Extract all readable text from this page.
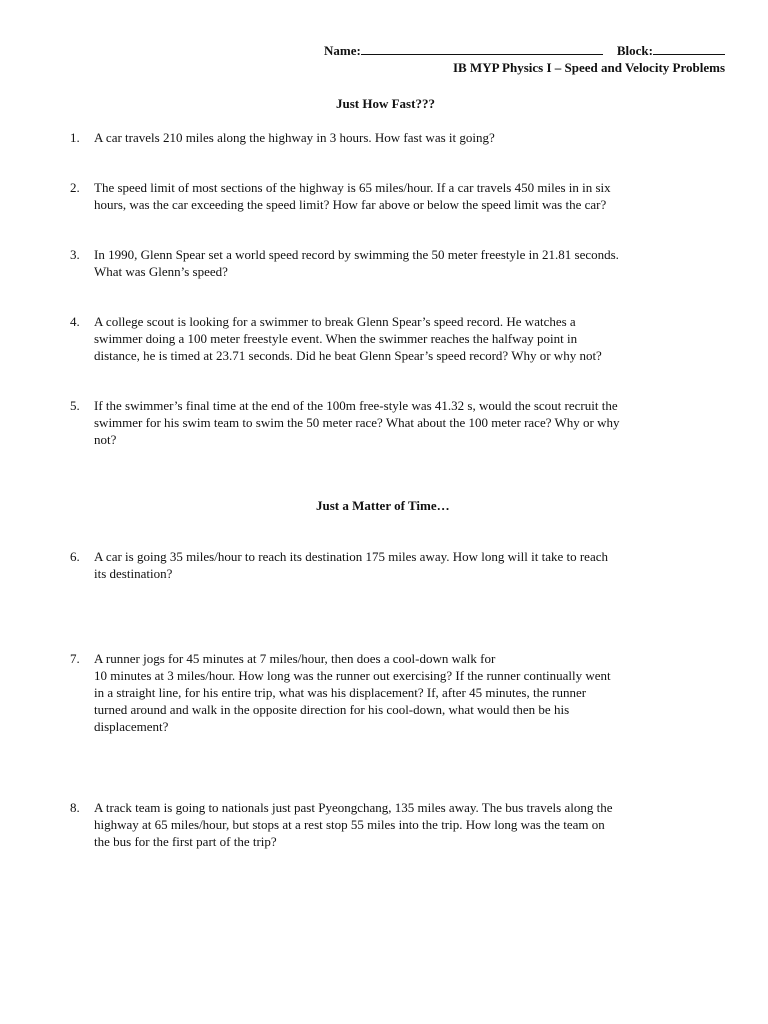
Name:	Block:
IB MYP Physics I – Speed and Velocity Problems
Just How Fast???
1.	A car travels 210 miles along the highway in 3 hours. How fast was it going?
2.	The speed limit of most sections of the highway is 65 miles/hour. If a car travels 450 miles in in six
hours, was the car exceeding the speed limit? How far above or below the speed limit was the car?
3.	In 1990, Glenn Spear set a world speed record by swimming the 50 meter freestyle in 21.81 seconds.
What was Glenn’s speed?
4.	A college scout is looking for a swimmer to break Glenn Spear’s speed record. He watches a
swimmer doing a 100 meter freestyle event. When the swimmer reaches the halfway point in
distance, he is timed at 23.71 seconds. Did he beat Glenn Spear’s speed record? Why or why not?
5.	If the swimmer’s final time at the end of the 100m free-style was 41.32 s, would the scout recruit the
swimmer for his swim team to swim the 50 meter race? What about the 100 meter race? Why or why
not?
Just a Matter of Time…
6.	A car is going 35 miles/hour to reach its destination 175 miles away. How long will it take to reach
its destination?
7.	A runner jogs for 45 minutes at 7 miles/hour, then does a cool-down walk for
10 minutes at 3 miles/hour. How long was the runner out exercising? If the runner continually went
in a straight line, for his entire trip, what was his displacement? If, after 45 minutes, the runner
turned around and walk in the opposite direction for his cool-down, what would then be his
displacement?
8.	A track team is going to nationals just past Pyeongchang, 135 miles away. The bus travels along the
highway at 65 miles/hour, but stops at a rest stop 55 miles into the trip. How long was the team on
the bus for the first part of the trip?
